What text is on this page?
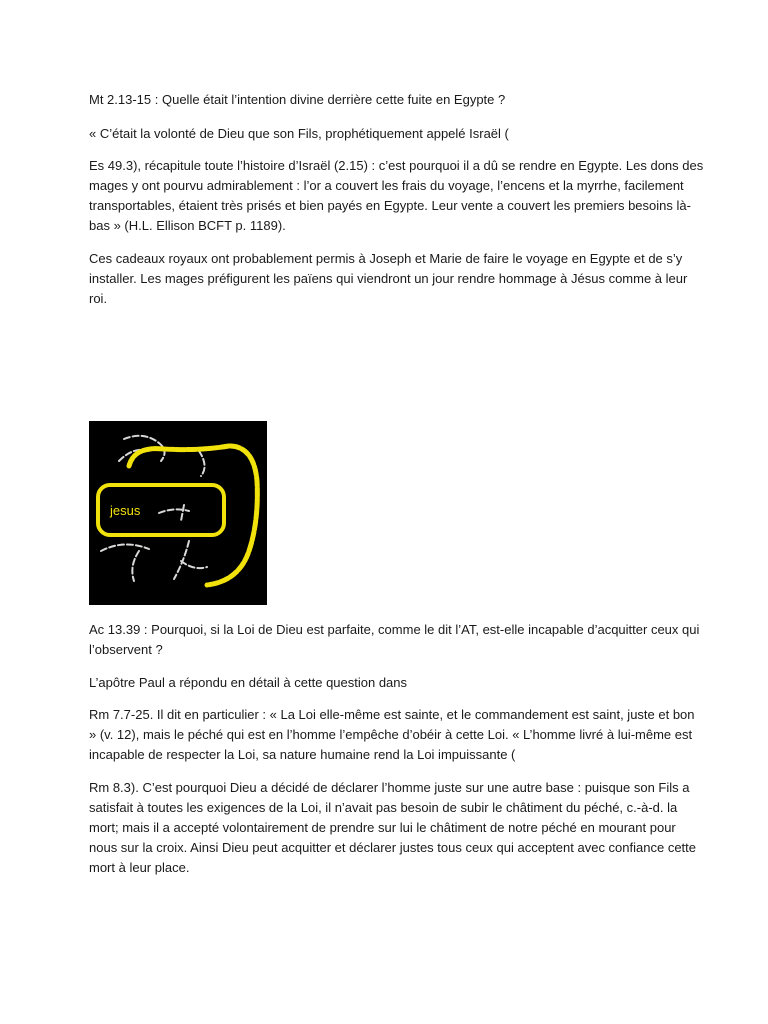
Mt 2.13-15 : Quelle était l’intention divine derrière cette fuite en Egypte ?

« C’était la volonté de Dieu que son Fils, prophétiquement appelé Israël (

Es 49.3), récapitule toute l’histoire d’Israël (2.15) : c’est pourquoi il a dû se rendre en Egypte. Les dons des
mages y ont pourvu admirablement : l’or a couvert les frais du voyage, l’encens et la myrrhe, facilement
transportables, étaient très prisés et bien payés en Egypte. Leur vente a couvert les premiers besoins là-
bas » (H.L. Ellison BCFT p. 1189).

Ces cadeaux royaux ont probablement permis à Joseph et Marie de faire le voyage en Egypte et de s’y
installer. Les mages préfigurent les païens qui viendront un jour rendre hommage à Jésus comme à leur
roi.

Ac 13.39 : Pourquoi, si la Loi de Dieu est parfaite, comme le dit l’AT, est-elle incapable d’acquitter ceux qui
l’observent ?

L’apôtre Paul a répondu en détail à cette question dans

Rm 7.7-25. Il dit en particulier : « La Loi elle-même est sainte, et le commandement est saint, juste et bon
» (v. 12), mais le péché qui est en l’homme l’empêche d’obéir à cette Loi. « L’homme livré à lui-même est
incapable de respecter la Loi, sa nature humaine rend la Loi impuissante (

Rm 8.3). C’est pourquoi Dieu a décidé de déclarer l’homme juste sur une autre base : puisque son Fils a
satisfait à toutes les exigences de la Loi, il n’avait pas besoin de subir le châtiment du péché, c.-à-d. la
mort; mais il a accepté volontairement de prendre sur lui le châtiment de notre péché en mourant pour
nous sur la croix. Ainsi Dieu peut acquitter et déclarer justes tous ceux qui acceptent avec confiance cette
mort à leur place.

jesus
